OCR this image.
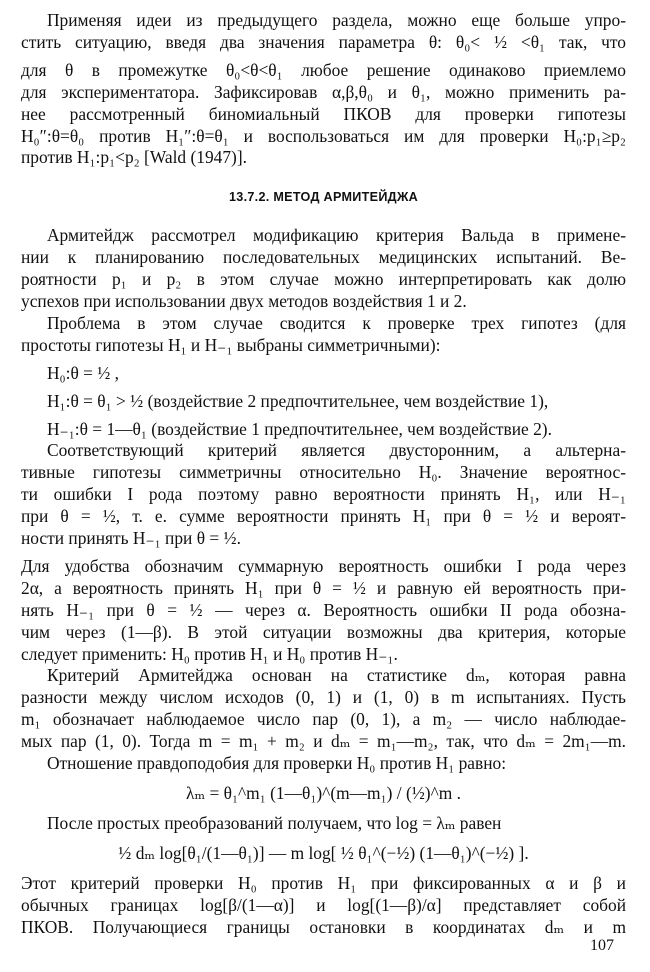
Применяя идеи из предыдущего раздела, можно еще больше упро-

стить ситуацию, введя два значения параметра θ: θ₀< ½ <θ₁ так, что

для θ в промежутке θ₀<θ<θ₁ любое решение одинаково приемлемо

для экспериментатора. Зафиксировав α,β,θ₀ и θ₁, можно применить ра-

нее рассмотренный биномиальный ПКОВ для проверки гипотезы

H₀″:θ=θ₀ против H₁″:θ=θ₁ и воспользоваться им для проверки H₀:p₁≥p₂

против H₁:p₁<p₂ [Wald (1947)].

13.7.2. МЕТОД АРМИТЕЙДЖА

Армитейдж рассмотрел модификацию критерия Вальда в примене-

нии к планированию последовательных медицинских испытаний. Ве-

роятности p₁ и p₂ в этом случае можно интерпретировать как долю

успехов при использовании двух методов воздействия 1 и 2.

Проблема в этом случае сводится к проверке трех гипотез (для

простоты гипотезы H₁ и H₋₁ выбраны симметричными):

H₀:θ = ½ ,

H₁:θ = θ₁ > ½ (воздействие 2 предпочтительнее, чем воздействие 1),

H₋₁:θ = 1—θ₁ (воздействие 1 предпочтительнее, чем воздействие 2).

Соответствующий критерий является двусторонним, а альтерна-

тивные гипотезы симметричны относительно H₀. Значение вероятнос-

ти ошибки I рода поэтому равно вероятности принять H₁, или H₋₁

при θ = ½, т. е. сумме вероятности принять H₁ при θ = ½ и вероят-

ности принять H₋₁ при θ = ½.

Для удобства обозначим суммарную вероятность ошибки I рода через

2α, а вероятность принять H₁ при θ = ½ и равную ей вероятность при-

нять H₋₁ при θ = ½ — через α. Вероятность ошибки II рода обозна-

чим через (1—β). В этой ситуации возможны два критерия, которые

следует применить: H₀ против H₁ и H₀ против H₋₁.

Критерий Армитейджа основан на статистике dₘ, которая равна

разности между числом исходов (0, 1) и (1, 0) в m испытаниях. Пусть

m₁ обозначает наблюдаемое число пар (0, 1), а m₂ — число наблюдае-

мых пар (1, 0). Тогда m = m₁ + m₂ и dₘ = m₁—m₂, так, что dₘ = 2m₁—m.

Отношение правдоподобия для проверки H₀ против H₁ равно:

λₘ = θ₁^m₁ (1—θ₁)^(m—m₁) / (½)^m .

После простых преобразований получаем, что log = λₘ равен

½ dₘ log[θ₁/(1—θ₁)] — m log[ ½ θ₁^(−½) (1—θ₁)^(−½) ].

Этот критерий проверки H₀ против H₁ при фиксированных α и β и

обычных границах log[β/(1—α)] и log[(1—β)/α] представляет собой

ПКОВ. Получающиеся границы остановки в координатах dₘ и m

107
